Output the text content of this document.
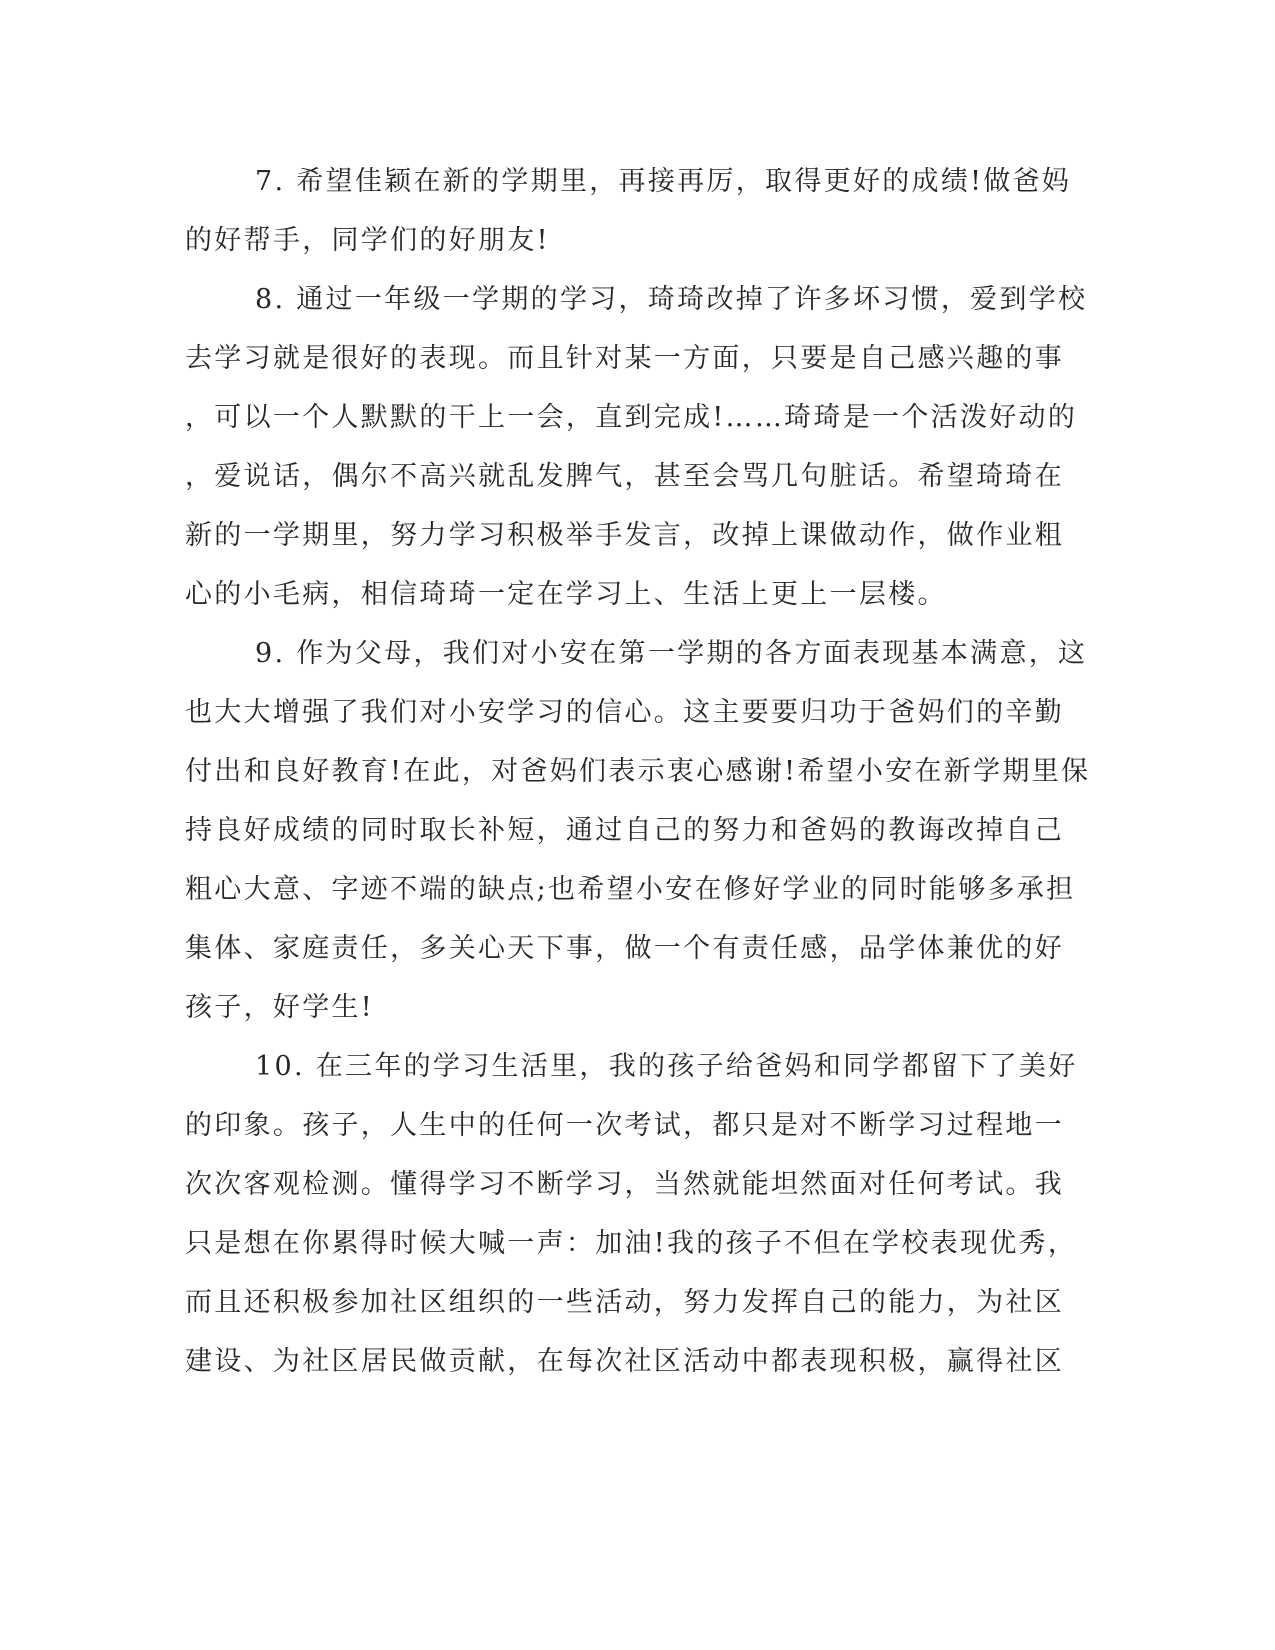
7. 希望佳颖在新的学期里，再接再厉，取得更好的成绩!做爸妈

的好帮手，同学们的好朋友!

8. 通过一年级一学期的学习，琦琦改掉了许多坏习惯，爱到学校

去学习就是很好的表现。而且针对某一方面，只要是自己感兴趣的事

，可以一个人默默的干上一会，直到完成!……琦琦是一个活泼好动的

，爱说话，偶尔不高兴就乱发脾气，甚至会骂几句脏话。希望琦琦在

新的一学期里，努力学习积极举手发言，改掉上课做动作，做作业粗

心的小毛病，相信琦琦一定在学习上、生活上更上一层楼。

9. 作为父母，我们对小安在第一学期的各方面表现基本满意，这

也大大增强了我们对小安学习的信心。这主要要归功于爸妈们的辛勤

付出和良好教育!在此，对爸妈们表示衷心感谢!希望小安在新学期里保

持良好成绩的同时取长补短，通过自己的努力和爸妈的教诲改掉自己

粗心大意、字迹不端的缺点;也希望小安在修好学业的同时能够多承担

集体、家庭责任，多关心天下事，做一个有责任感，品学体兼优的好

孩子，好学生!

10. 在三年的学习生活里，我的孩子给爸妈和同学都留下了美好

的印象。孩子，人生中的任何一次考试，都只是对不断学习过程地一

次次客观检测。懂得学习不断学习，当然就能坦然面对任何考试。我

只是想在你累得时候大喊一声：加油!我的孩子不但在学校表现优秀，

而且还积极参加社区组织的一些活动，努力发挥自己的能力，为社区

建设、为社区居民做贡献，在每次社区活动中都表现积极，赢得社区
